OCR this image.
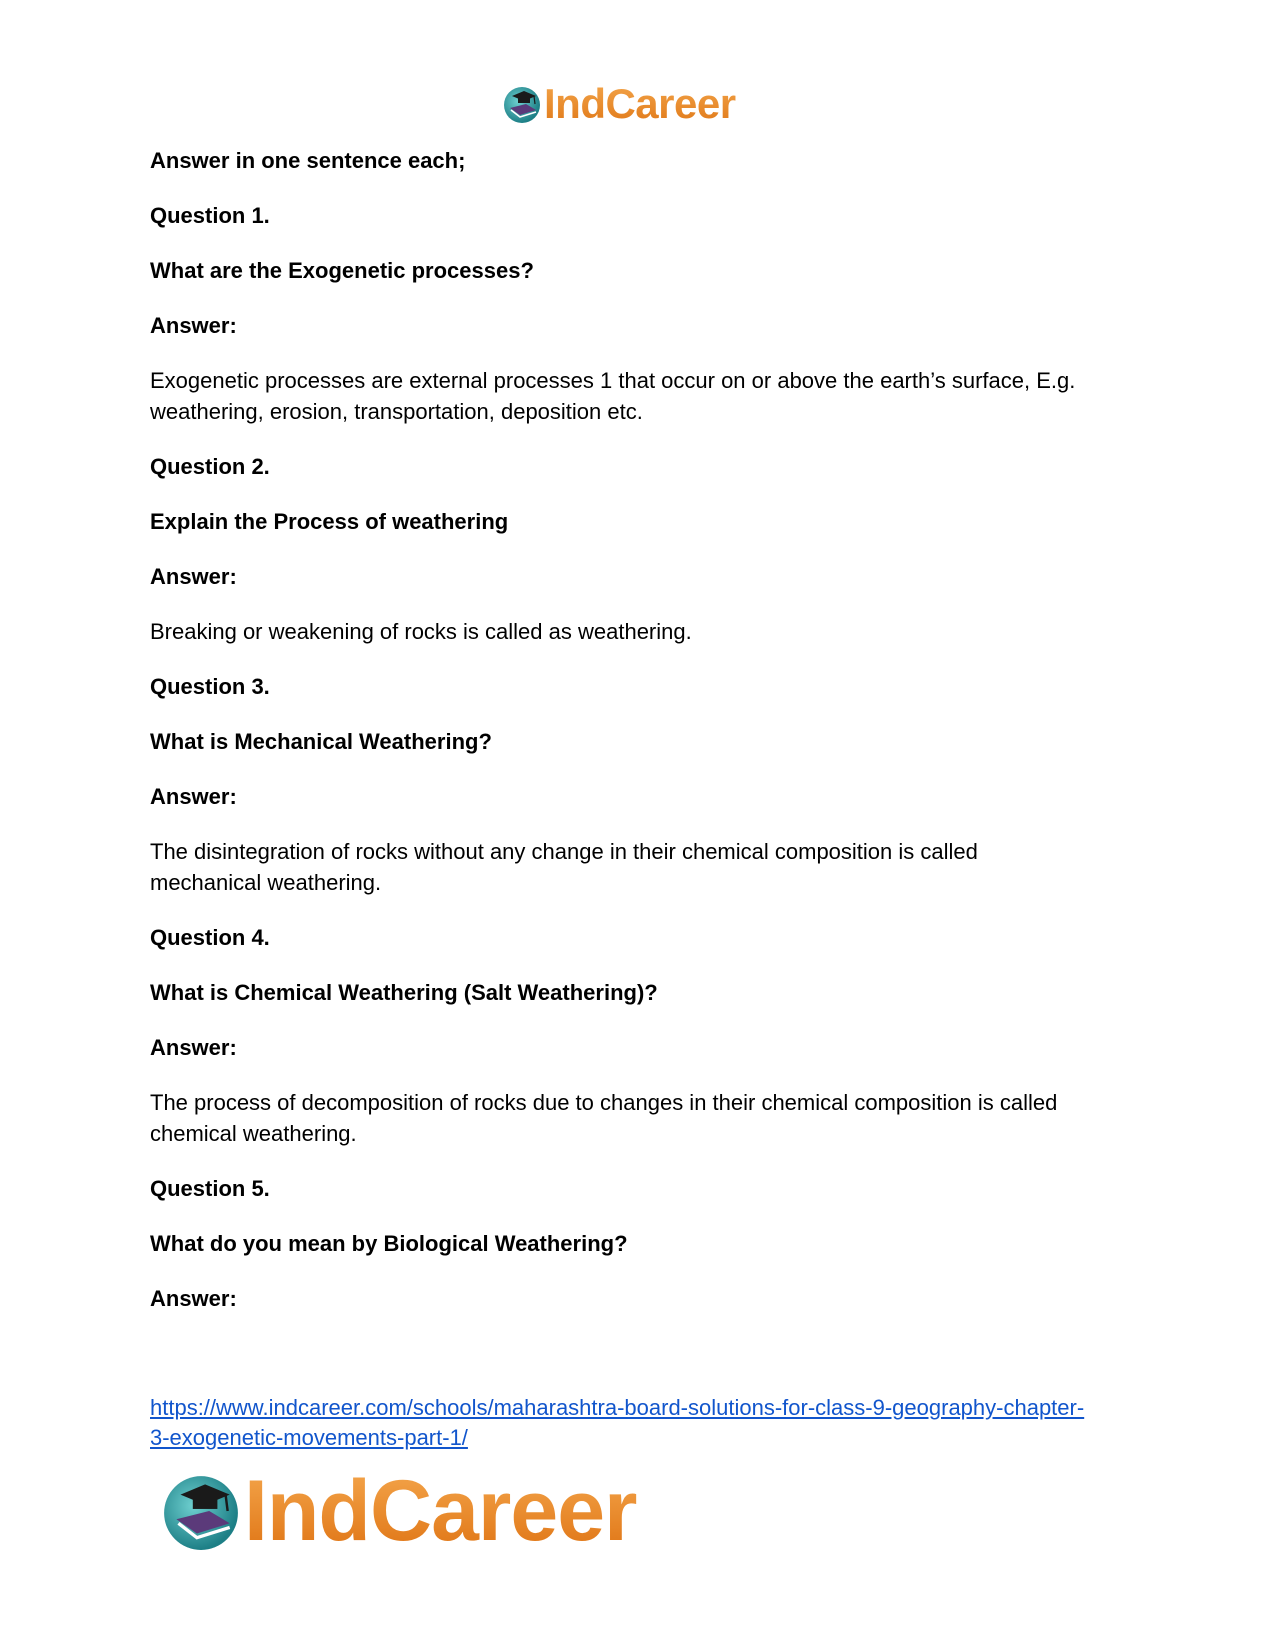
IndCareer

Answer in one sentence each;

Question 1.

What are the Exogenetic processes?

Answer:

Exogenetic processes are external processes 1 that occur on or above the earth’s surface, E.g.

weathering, erosion, transportation, deposition etc.

Question 2.

Explain the Process of weathering

Answer:

Breaking or weakening of rocks is called as weathering.

Question 3.

What is Mechanical Weathering?

Answer:

The disintegration of rocks without any change in their chemical composition is called

mechanical weathering.

Question 4.

What is Chemical Weathering (Salt Weathering)?

Answer:

The process of decomposition of rocks due to changes in their chemical composition is called

chemical weathering.

Question 5.

What do you mean by Biological Weathering?

Answer:

https://www.indcareer.com/schools/maharashtra-board-solutions-for-class-9-geography-chapter-
3-exogenetic-movements-part-1/
IndCareer
